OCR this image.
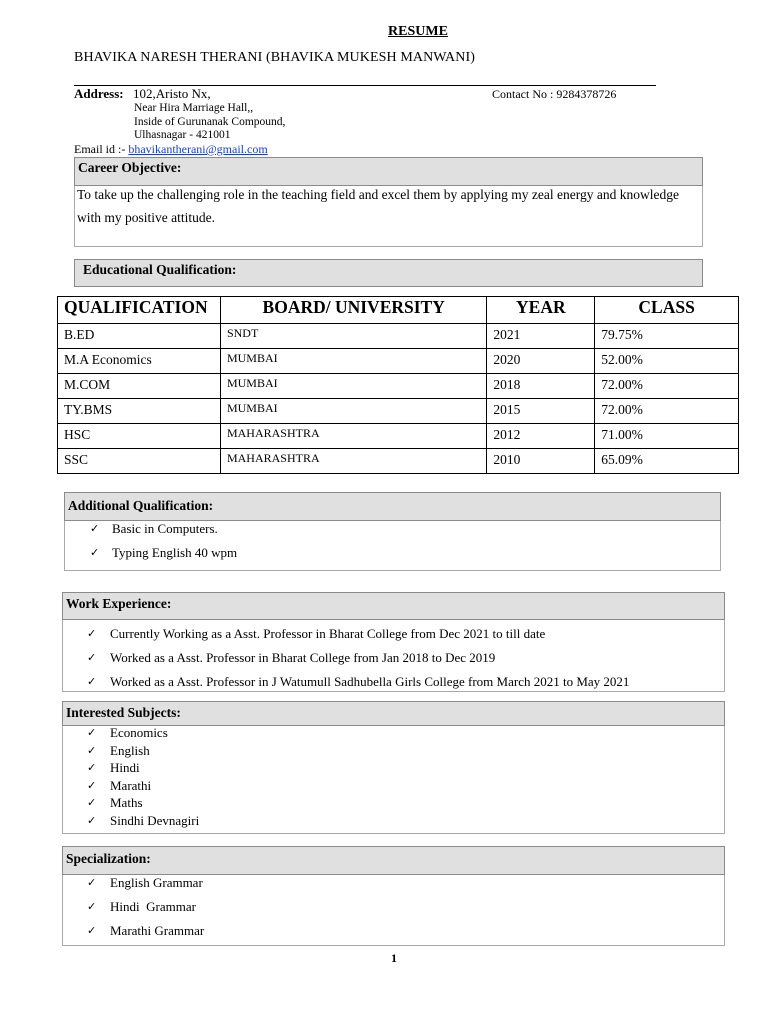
RESUME
BHAVIKA NARESH THERANI (BHAVIKA MUKESH MANWANI)
Address: 102,Aristo Nx,
Near Hira Marriage Hall,,
Inside of Gurunanak Compound,
Ulhasnagar - 421001
Contact No : 9284378726
Email id :- bhavikantherani@gmail.com
Career Objective:
To take up the challenging role in the teaching field and excel them by applying my zeal energy and knowledge with my positive attitude.
Educational Qualification:
QUALIFICATION	BOARD/ UNIVERSITY	YEAR	CLASS
B.ED	SNDT	2021	79.75%
M.A Economics	MUMBAI	2020	52.00%
M.COM	MUMBAI	2018	72.00%
TY.BMS	MUMBAI	2015	72.00%
HSC	MAHARASHTRA	2012	71.00%
SSC	MAHARASHTRA	2010	65.09%
Additional Qualification:
✓ Basic in Computers.
✓ Typing English 40 wpm
Work Experience:
✓ Currently Working as a Asst. Professor in Bharat College from Dec 2021 to till date
✓ Worked as a Asst. Professor in Bharat College from Jan 2018 to Dec 2019
✓ Worked as a Asst. Professor in J Watumull Sadhubella Girls College from March 2021 to May 2021
Interested Subjects:
✓ Economics
✓ English
✓ Hindi
✓ Marathi
✓ Maths
✓ Sindhi Devnagiri
Specialization:
✓ English Grammar
✓ Hindi  Grammar
✓ Marathi Grammar
1
